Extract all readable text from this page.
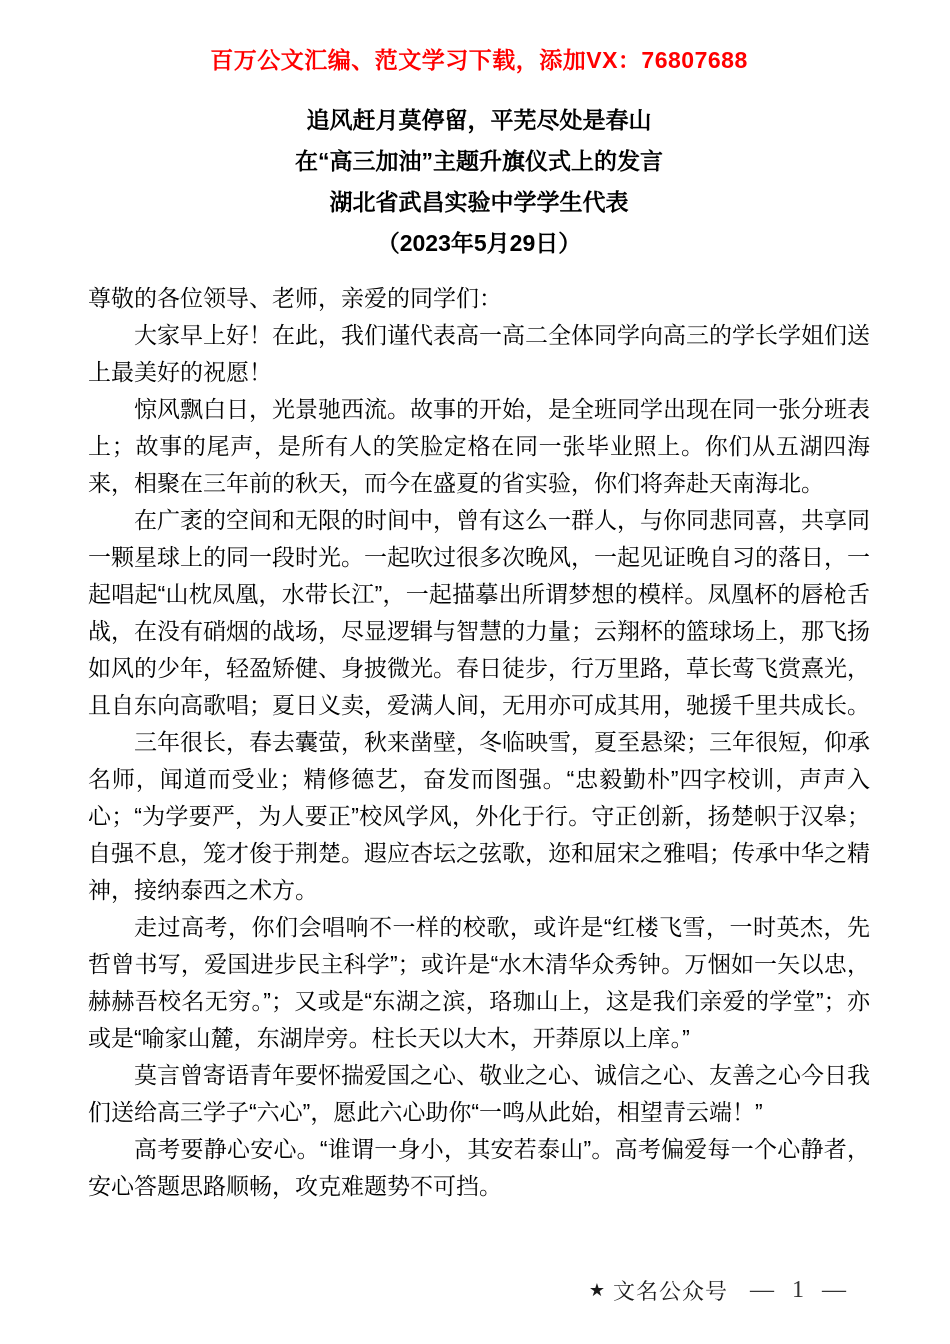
百万公文汇编、范文学习下载，添加VX：76807688
追风赶月莫停留，平芜尽处是春山
在“高三加油”主题升旗仪式上的发言
湖北省武昌实验中学学生代表
（2023年5月29日）

尊敬的各位领导、老师，亲爱的同学们：

大家早上好！在此，我们谨代表高一高二全体同学向高三的学长学姐们送上最美好的祝愿！

惊风飘白日，光景驰西流。故事的开始，是全班同学出现在同一张分班表上；故事的尾声，是所有人的笑脸定格在同一张毕业照上。你们从五湖四海来，相聚在三年前的秋天，而今在盛夏的省实验，你们将奔赴天南海北。

在广袤的空间和无限的时间中，曾有这么一群人，与你同悲同喜，共享同一颗星球上的同一段时光。一起吹过很多次晚风，一起见证晚自习的落日，一起唱起“山枕凤凰，水带长江”，一起描摹出所谓梦想的模样。凤凰杯的唇枪舌战，在没有硝烟的战场，尽显逻辑与智慧的力量；云翔杯的篮球场上，那飞扬如风的少年，轻盈矫健、身披微光。春日徒步，行万里路，草长莺飞赏熹光，且自东向高歌唱；夏日义卖，爱满人间，无用亦可成其用，驰援千里共成长。

三年很长，春去囊萤，秋来凿壁，冬临映雪，夏至悬梁；三年很短，仰承名师，闻道而受业；精修德艺，奋发而图强。“忠毅勤朴”四字校训，声声入心；“为学要严，为人要正”校风学风，外化于行。守正创新，扬楚帜于汉皋；自强不息，笼才俊于荆楚。遐应杏坛之弦歌，迩和屈宋之雅唱；传承中华之精神，接纳泰西之术方。

走过高考，你们会唱响不一样的校歌，或许是“红楼飞雪，一时英杰，先哲曾书写，爱国进步民主科学”；或许是“水木清华众秀钟。万悃如一矢以忠，赫赫吾校名无穷。”；又或是“东湖之滨，珞珈山上，这是我们亲爱的学堂”；亦或是“喻家山麓，东湖岸旁。柱长天以大木，开莽原以上庠。”

莫言曾寄语青年要怀揣爱国之心、敬业之心、诚信之心、友善之心今日我们送给高三学子“六心”，愿此六心助你“一鸣从此始，相望青云端！”

高考要静心安心。“谁谓一身小，其安若泰山”。高考偏爱每一个心静者，安心答题思路顺畅，攻克难题势不可挡。

★ 文名公众号 — 1 —
